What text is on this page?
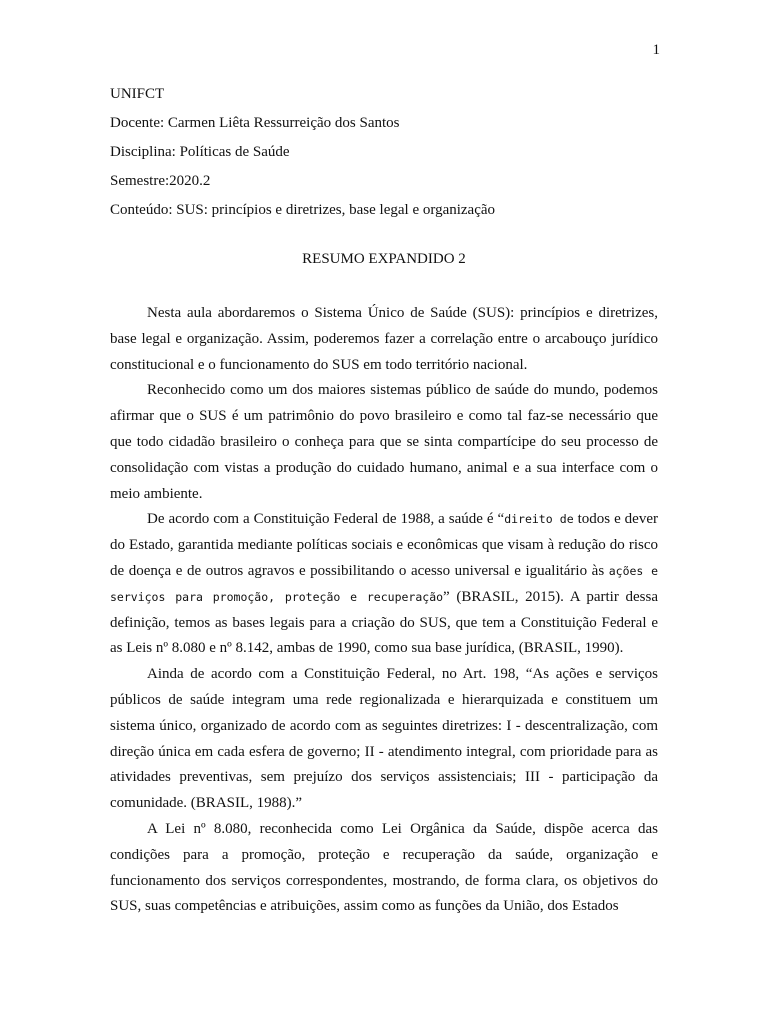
1
UNIFCT
Docente: Carmen Liêta Ressurreição dos Santos
Disciplina: Políticas de Saúde
Semestre:2020.2
Conteúdo: SUS: princípios e diretrizes, base legal e organização
RESUMO EXPANDIDO 2

Nesta aula abordaremos o Sistema Único de Saúde (SUS): princípios e diretrizes, base legal e organização. Assim, poderemos fazer a correlação entre o arcabouço jurídico constitucional e o funcionamento do SUS em todo território nacional.

Reconhecido como um dos maiores sistemas público de saúde do mundo, podemos afirmar que o SUS é um patrimônio do povo brasileiro e como tal faz-se necessário que que todo cidadão brasileiro o conheça para que se sinta compartícipe do seu processo de consolidação com vistas a produção do cuidado humano, animal e a sua interface com o meio ambiente.

De acordo com a Constituição Federal de 1988, a saúde é “direito de todos e dever do Estado, garantida mediante políticas sociais e econômicas que visam à redução do risco de doença e de outros agravos e possibilitando o acesso universal e igualitário às ações e serviços para promoção, proteção e recuperação” (BRASIL, 2015). A partir dessa definição, temos as bases legais para a criação do SUS, que tem a Constituição Federal e as Leis nº 8.080 e nº 8.142, ambas de 1990, como sua base jurídica, (BRASIL, 1990).

Ainda de acordo com a Constituição Federal, no Art. 198, “As ações e serviços públicos de saúde integram uma rede regionalizada e hierarquizada e constituem um sistema único, organizado de acordo com as seguintes diretrizes: I - descentralização, com direção única em cada esfera de governo; II - atendimento integral, com prioridade para as atividades preventivas, sem prejuízo dos serviços assistenciais; III - participação da comunidade. (BRASIL, 1988).”

A Lei nº 8.080, reconhecida como Lei Orgânica da Saúde, dispõe acerca das condições para a promoção, proteção e recuperação da saúde, organização e funcionamento dos serviços correspondentes, mostrando, de forma clara, os objetivos do SUS, suas competências e atribuições, assim como as funções da União, dos Estados
